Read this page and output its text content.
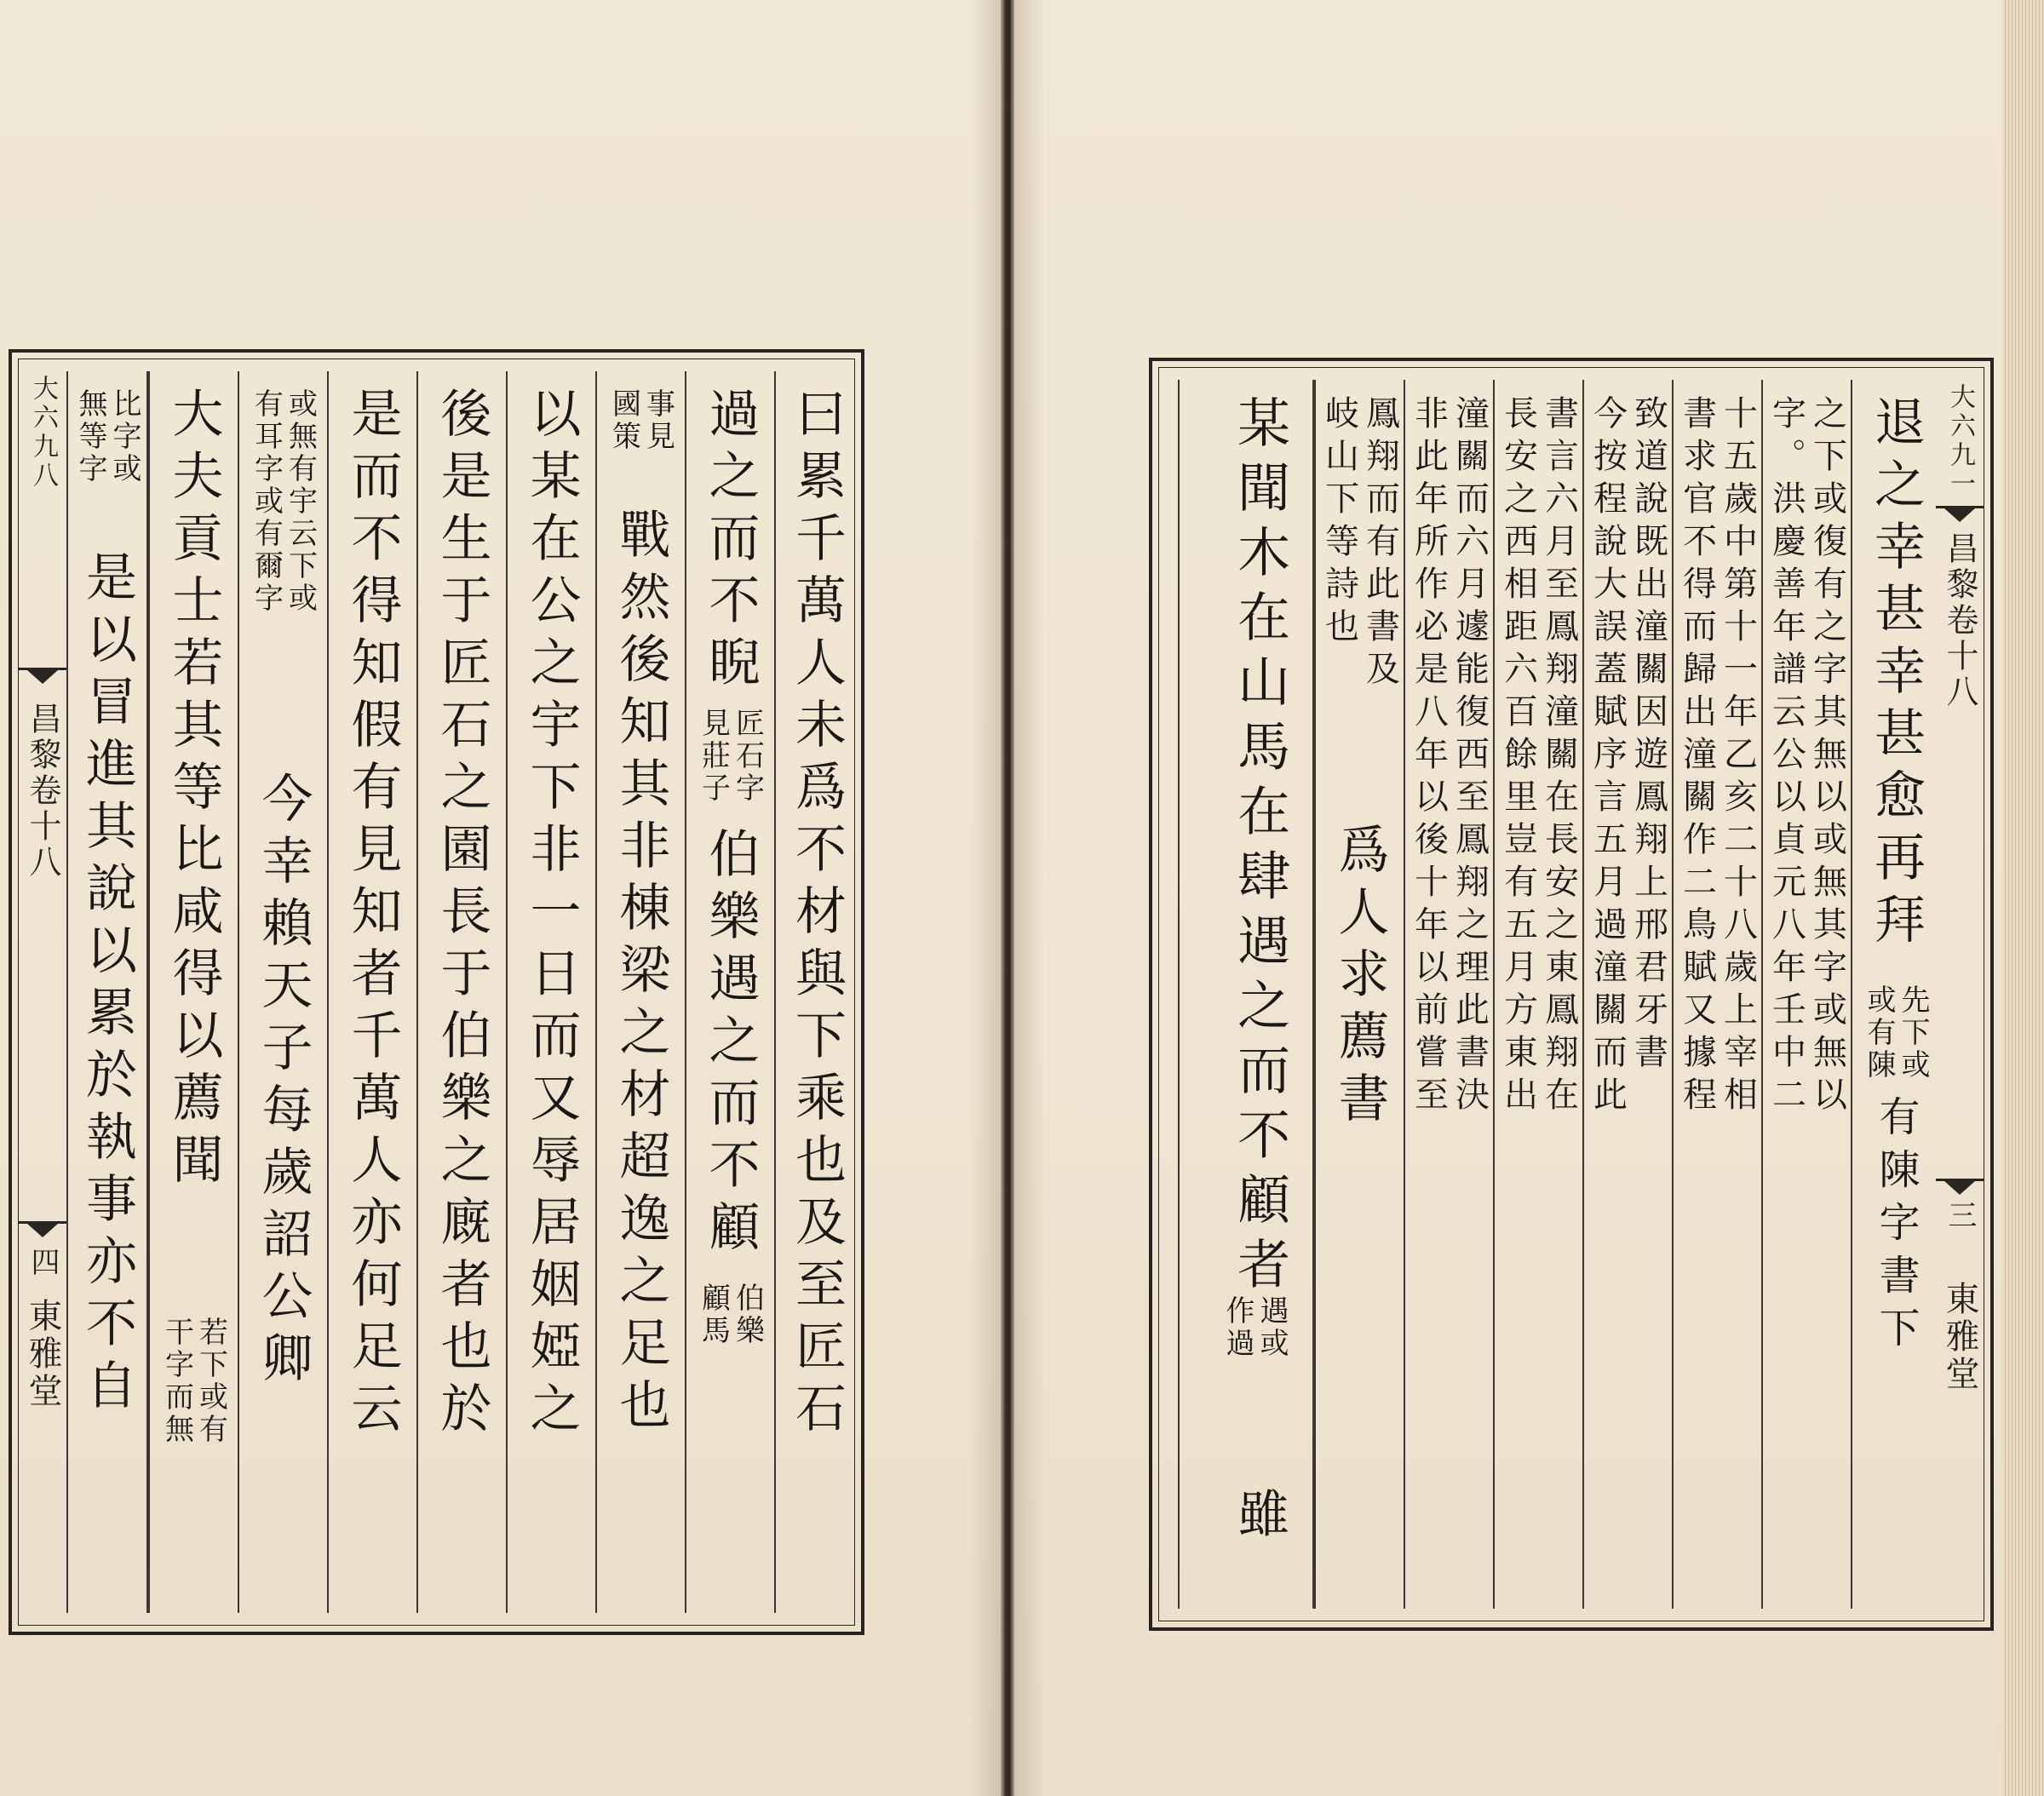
大六九八
昌黎卷十八
四
東雅堂	曰累千萬人未爲不材與下乘也及至匠石
過之而不睨
見莊子 匠石字
伯樂遇之而不顧
顧馬 伯樂
國策 事見
戰然後知其非棟梁之材超逸之足也
以某在公之宇下非一日而又辱居姻婭之
後是生于匠石之園長于伯樂之廐者也於
是而不得知假有見知者千萬人亦何足云
有耳字或有爾字 或無有宇云下或
今幸賴天子每歲詔公卿
大夫貢士若其等比咸得以薦聞
干字而無 若下或有
無等字 比字或
是以冒進其說以累於執事亦不自
大六九一
昌黎卷十八
三
東雅堂
退之幸甚幸甚愈再拜
或有陳 先下或
有陳字書下
之下或復有之字其無以或無其字或無以
字。洪慶善年譜云公以貞元八年壬中二
十五歲中第十一年乙亥二十八歲上宰相
書求官不得而歸出潼關作二鳥賦又據程
致道說既出潼關因遊鳳翔上邢君牙書
今按程說大誤蓋賦序言五月過潼關而此
書言六月至鳳翔潼關在長安之東鳳翔在
長安之西相距六百餘里豈有五月方東出
潼關而六月遽能復西至鳳翔之理此書決
非此年所作必是八年以後十年以前嘗至
鳳翔而有此書及
岐山下等詩也
爲人求薦書
某聞木在山馬在肆遇之而不顧者
作過 遇或
雖
